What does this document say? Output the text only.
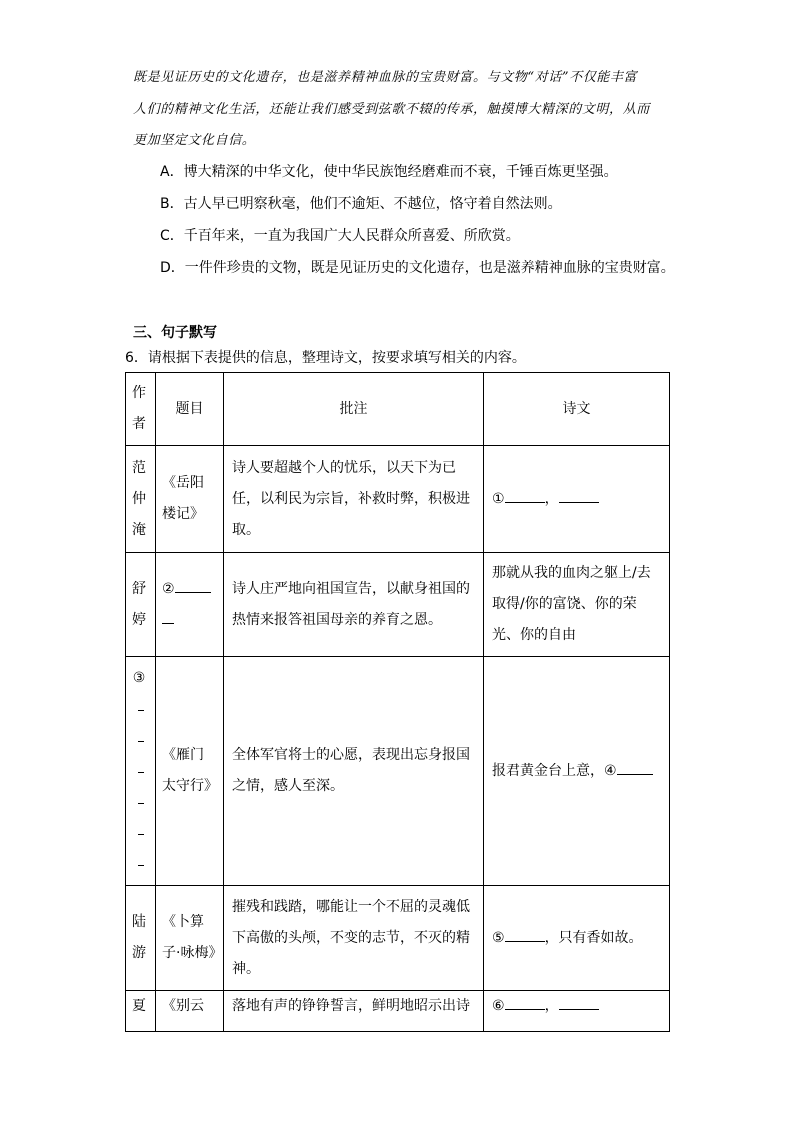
既是见证历史的文化遗存，也是滋养精神血脉的宝贵财富。与文物“对话”不仅能丰富
人们的精神文化生活，还能让我们感受到弦歌不辍的传承，触摸博大精深的文明，从而
更加坚定文化自信。
A．博大精深的中华文化，使中华民族饱经磨难而不衰，千锤百炼更坚强。
B．古人早已明察秋毫，他们不逾矩、不越位，恪守着自然法则。
C．千百年来，一直为我国广大人民群众所喜爱、所欣赏。
D．一件件珍贵的文物，既是见证历史的文化遗存，也是滋养精神血脉的宝贵财富。
三、句子默写
6．请根据下表提供的信息，整理诗文，按要求填写相关的内容。
作者	题目	批注	诗文

范仲淹	《岳阳楼记》	诗人要超越个人的忧乐，以天下为已任，以利民为宗旨，补救时弊，积极进取。	① ，

舒婷	②	诗人庄严地向祖国宣告，以献身祖国的热情来报答祖国母亲的养育之恩。	那就从我的血肉之躯上/去取得/你的富饶、你的荣光、你的自由

③	《雁门太守行》	全体军官将士的心愿，表现出忘身报国之情，感人至深。	报君黄金台上意，④

陆游	《卜算子·咏梅》	摧残和践踏，哪能让一个不屈的灵魂低下高傲的头颅，不变的志节，不灭的精神。	⑤ ，只有香如故。

夏	《别云	落地有声的铮铮誓言，鲜明地昭示出诗	⑥ ，
